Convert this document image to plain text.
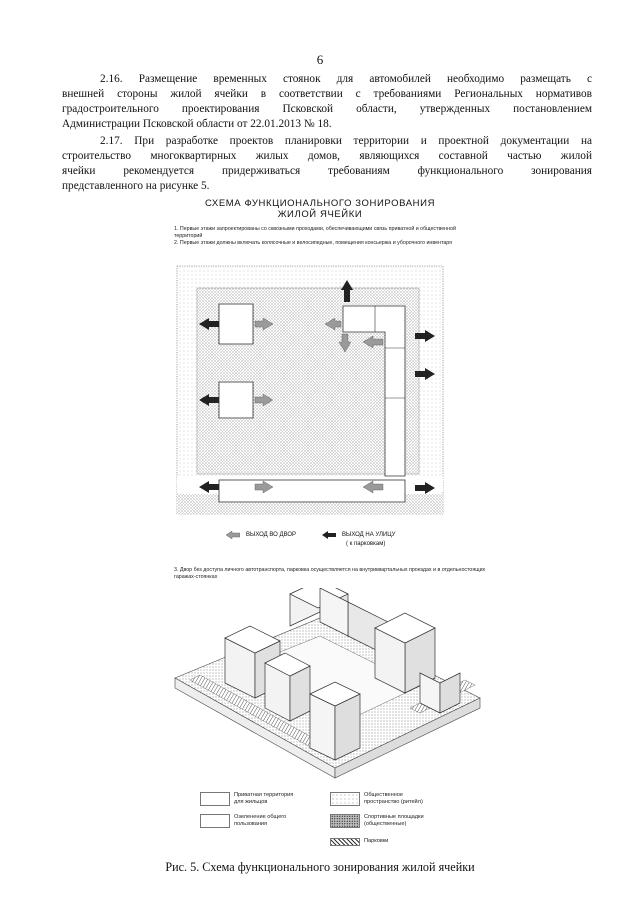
6
2.16. Размещение временных стоянок для автомобилей необходимо размещать с
внешней стороны жилой ячейки в соответствии с требованиями Региональных нормативов
градостроительного проектирования Псковской области, утвержденных постановлением
Администрации Псковской области от 22.01.2013 № 18.
2.17. При разработке проектов планировки территории и проектной документации на
строительство многоквартирных жилых домов, являющихся составной частью жилой
ячейки рекомендуется придерживаться требованиям функционального зонирования
представленного на рисунке 5.
СХЕМА ФУНКЦИОНАЛЬНОГО ЗОНИРОВАНИЯ
ЖИЛОЙ ЯЧЕЙКИ
1. Первые этажи запроектированы со сквозными проходами, обеспечивающими связь приватной и общественной территорий
2. Первые этажи должны включать колясочные и велосипедные, помещения консьержа и уборочного инвентаря
ВЫХОД ВО ДВОР	ВЫХОД НА УЛИЦУ
( к парковкам)
3. Двор без доступа личного автотранспорта, парковка осуществляется на внутриквартальных проездах и в отдельностоящих гаражах-стоянках
Приватная территория для жильцов
Общественное пространство (ритейл)
Озеленение общего пользования
Спортивные площадки (общественные)
Парковки
Рис. 5. Схема функционального зонирования жилой ячейки
